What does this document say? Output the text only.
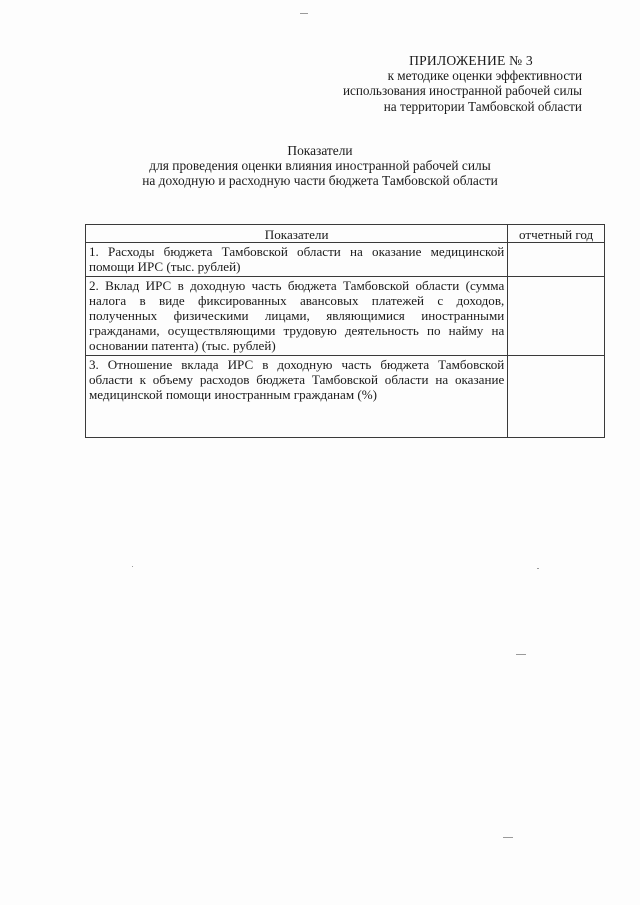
ПРИЛОЖЕНИЕ № 3
к методике оценки эффективности
использования иностранной рабочей силы
на территории Тамбовской области
Показатели
для проведения оценки влияния иностранной рабочей силы
на доходную и расходную части бюджета Тамбовской области
Показатели	отчетный год
1. Расходы бюджета Тамбовской области на оказание медицинской помощи ИРС (тыс. рублей)	
2. Вклад ИРС в доходную часть бюджета Тамбовской области (сумма налога в виде фиксированных авансовых платежей с доходов, полученных физическими лицами, являющимися иностранными гражданами, осуществляющими трудовую деятельность по найму на основании патента) (тыс. рублей)	
3. Отношение вклада ИРС в доходную часть бюджета Тамбовской области к объему расходов бюджета Тамбовской области на оказание медицинской помощи иностранным гражданам (%)	
